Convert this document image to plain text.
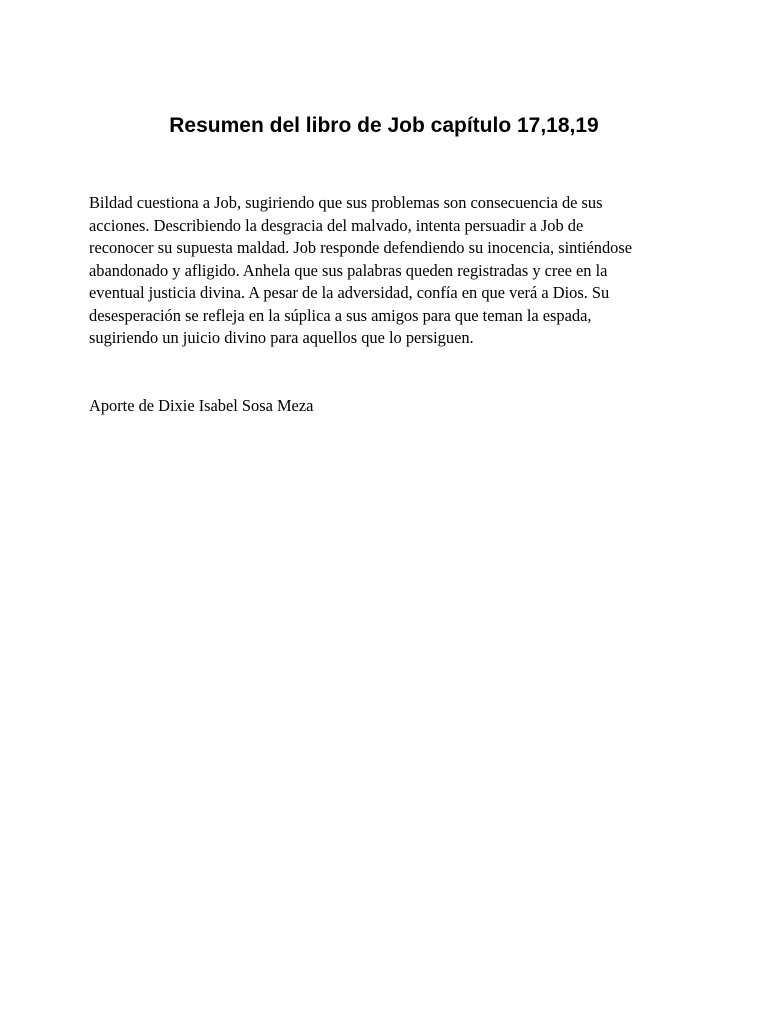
Resumen del libro de Job capítulo 17,18,19

Bildad cuestiona a Job, sugiriendo que sus problemas son consecuencia de sus
acciones. Describiendo la desgracia del malvado, intenta persuadir a Job de
reconocer su supuesta maldad. Job responde defendiendo su inocencia, sintiéndose
abandonado y afligido. Anhela que sus palabras queden registradas y cree en la
eventual justicia divina. A pesar de la adversidad, confía en que verá a Dios. Su
desesperación se refleja en la súplica a sus amigos para que teman la espada,
sugiriendo un juicio divino para aquellos que lo persiguen.

Aporte de Dixie Isabel Sosa Meza
